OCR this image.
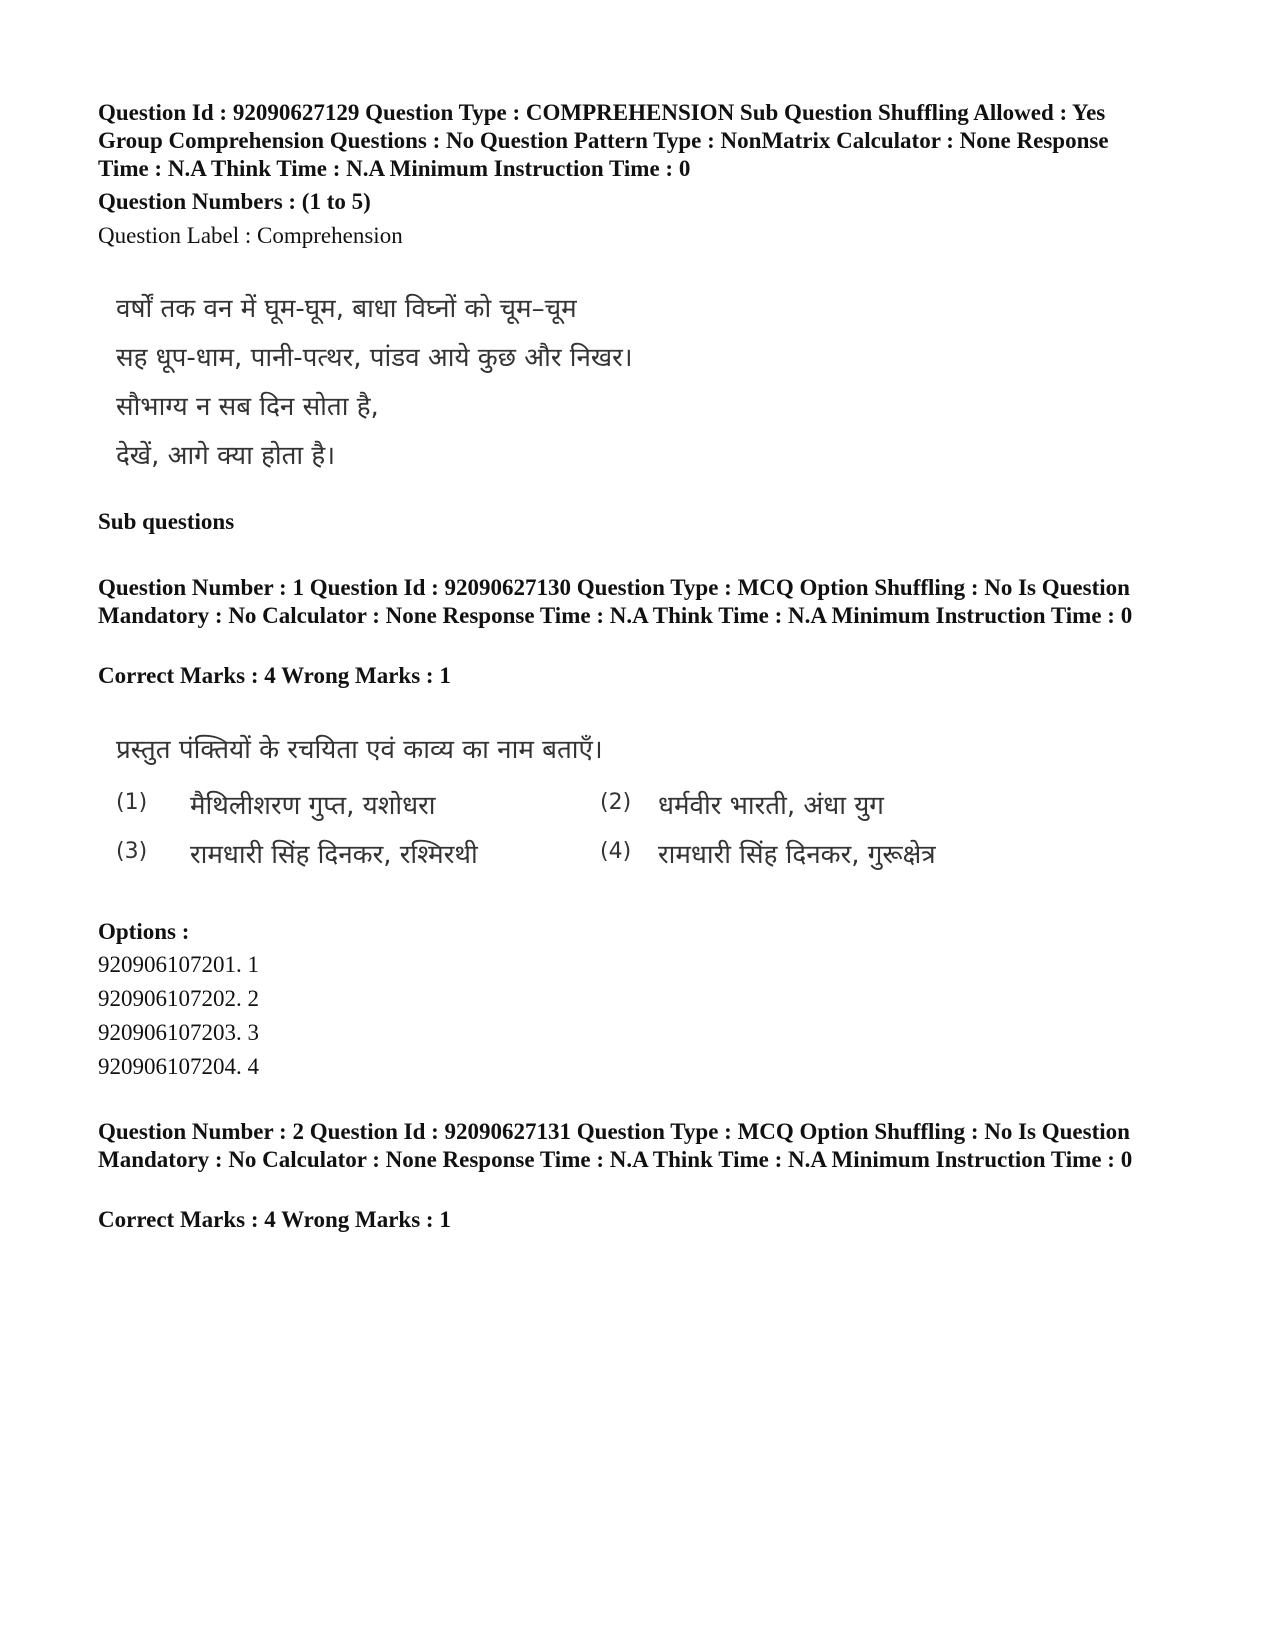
Question Id : 92090627129 Question Type : COMPREHENSION Sub Question Shuffling Allowed : Yes Group Comprehension Questions : No Question Pattern Type : NonMatrix Calculator : None Response Time : N.A Think Time : N.A Minimum Instruction Time : 0
Question Numbers : (1 to 5)
Question Label : Comprehension
वर्षों तक वन में घूम-घूम, बाधा विघ्नों को चूम–चूम
सह धूप-धाम, पानी-पत्थर, पांडव आये कुछ और निखर।
सौभाग्य न सब दिन सोता है,
देखें, आगे क्या होता है।
Sub questions
Question Number : 1 Question Id : 92090627130 Question Type : MCQ Option Shuffling : No Is Question Mandatory : No Calculator : None Response Time : N.A Think Time : N.A Minimum Instruction Time : 0
Correct Marks : 4 Wrong Marks : 1
प्रस्तुत पंक्तियों के रचयिता एवं काव्य का नाम बताएँ।
(1) मैथिलीशरण गुप्त, यशोधरा	(2) धर्मवीर भारती, अंधा युग
(3) रामधारी सिंह दिनकर, रश्मिरथी	(4) रामधारी सिंह दिनकर, गुरूक्षेत्र
Options :
920906107201. 1
920906107202. 2
920906107203. 3
920906107204. 4
Question Number : 2 Question Id : 92090627131 Question Type : MCQ Option Shuffling : No Is Question Mandatory : No Calculator : None Response Time : N.A Think Time : N.A Minimum Instruction Time : 0
Correct Marks : 4 Wrong Marks : 1
